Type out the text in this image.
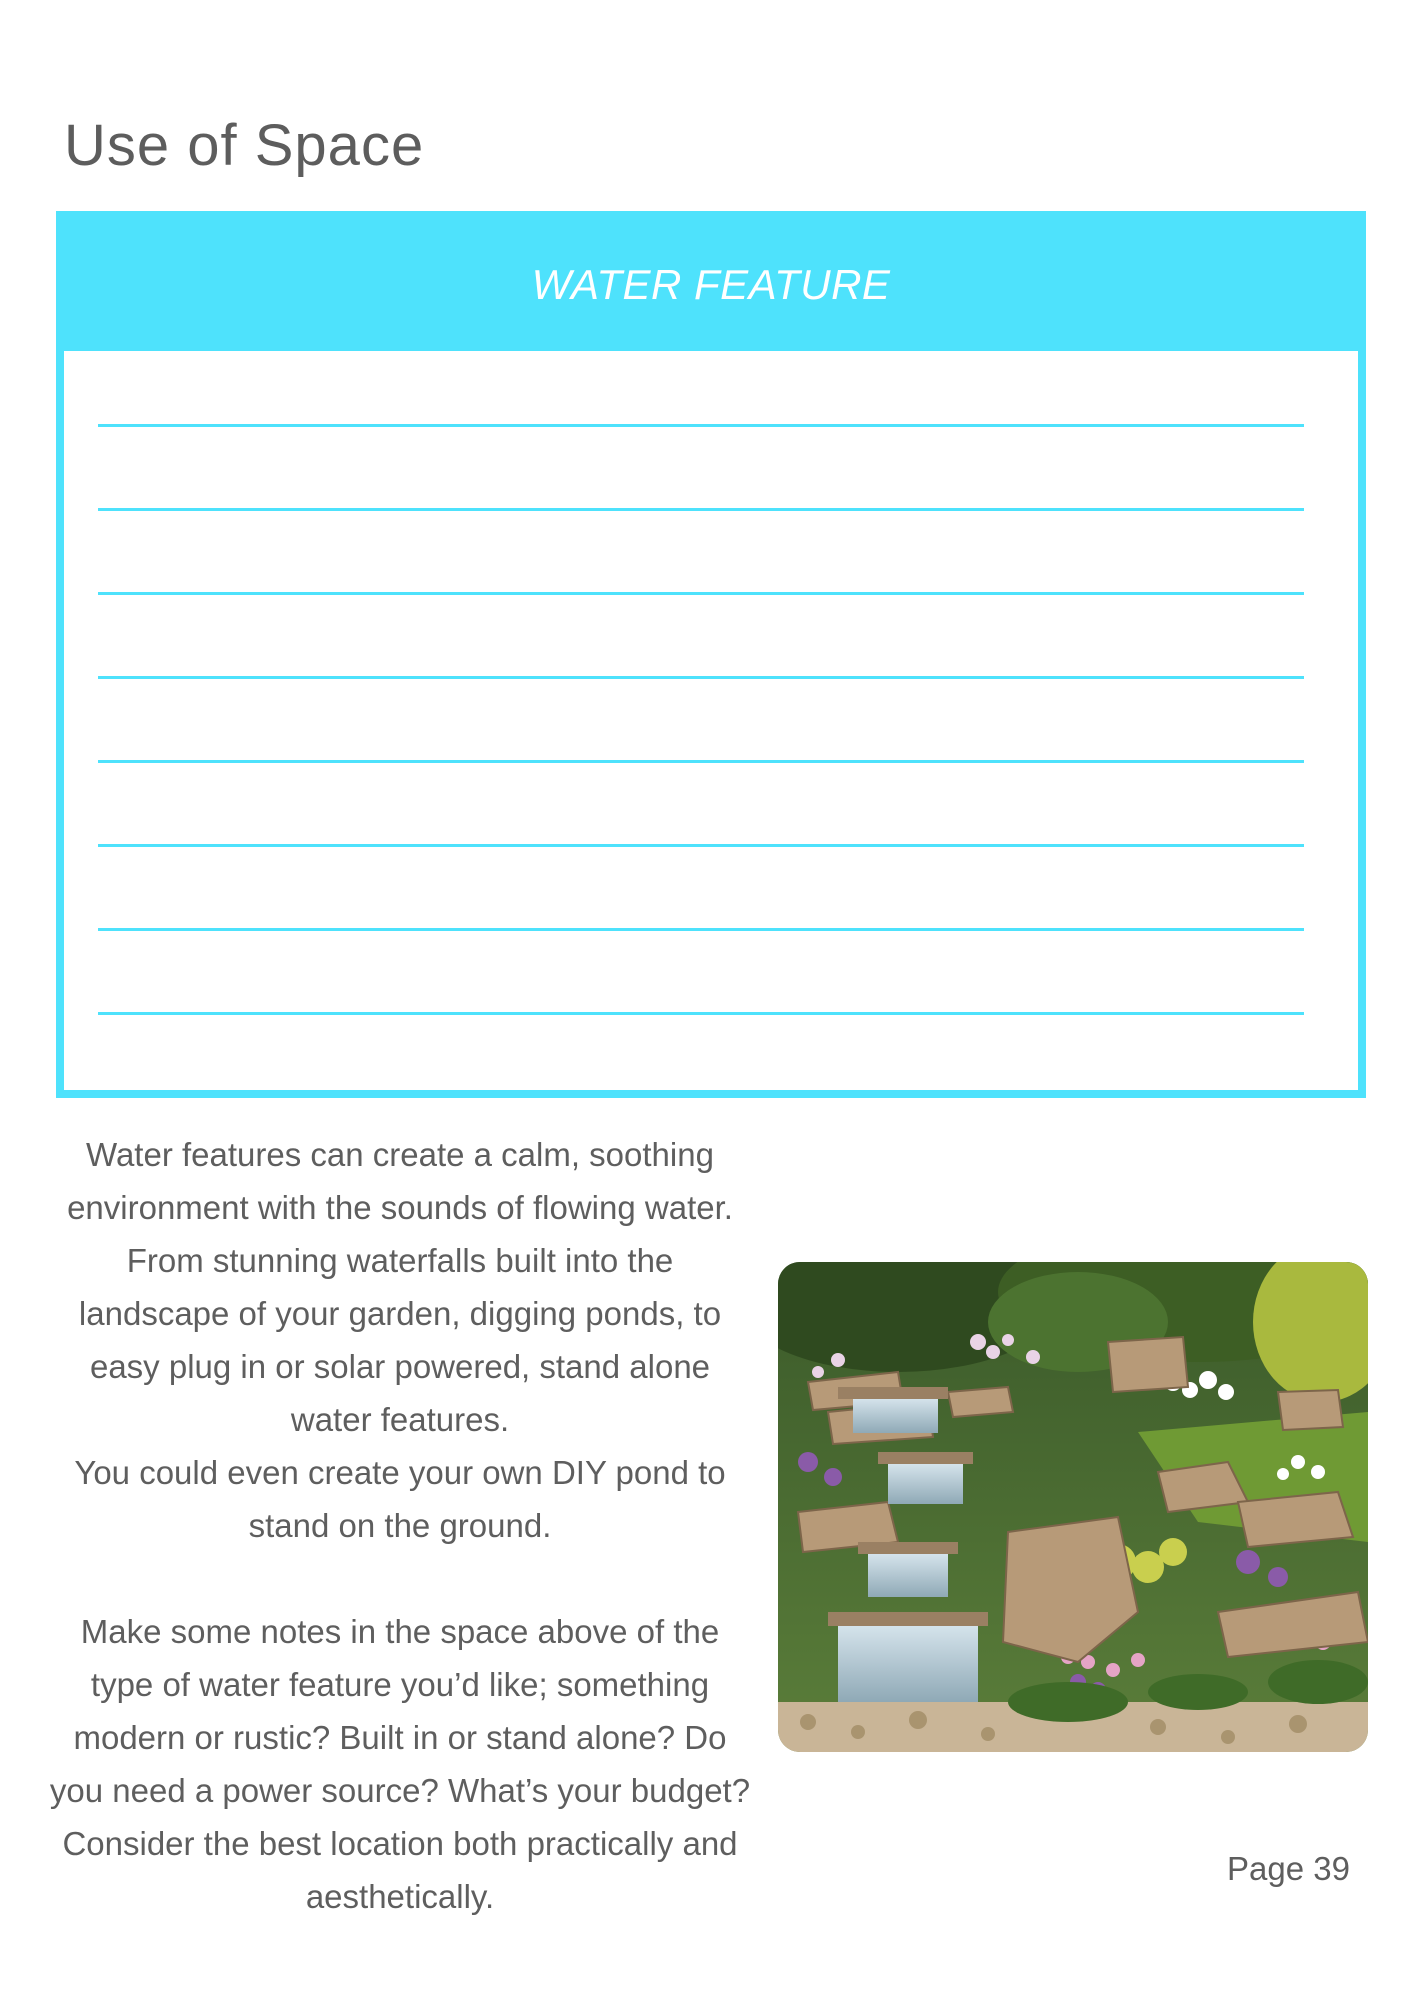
Use of Space
WATER FEATURE

Water features can create a calm, soothing

environment with the sounds of flowing water.

From stunning waterfalls built into the

landscape of your garden, digging ponds, to

easy plug in or solar powered, stand alone

water features.

You could even create your own DIY pond to

stand on the ground.

Make some notes in the space above of the

type of water feature you’d like; something

modern or rustic? Built in or stand alone? Do

you need a power source? What’s your budget?

Consider the best location both practically and

aesthetically.

Page 39
